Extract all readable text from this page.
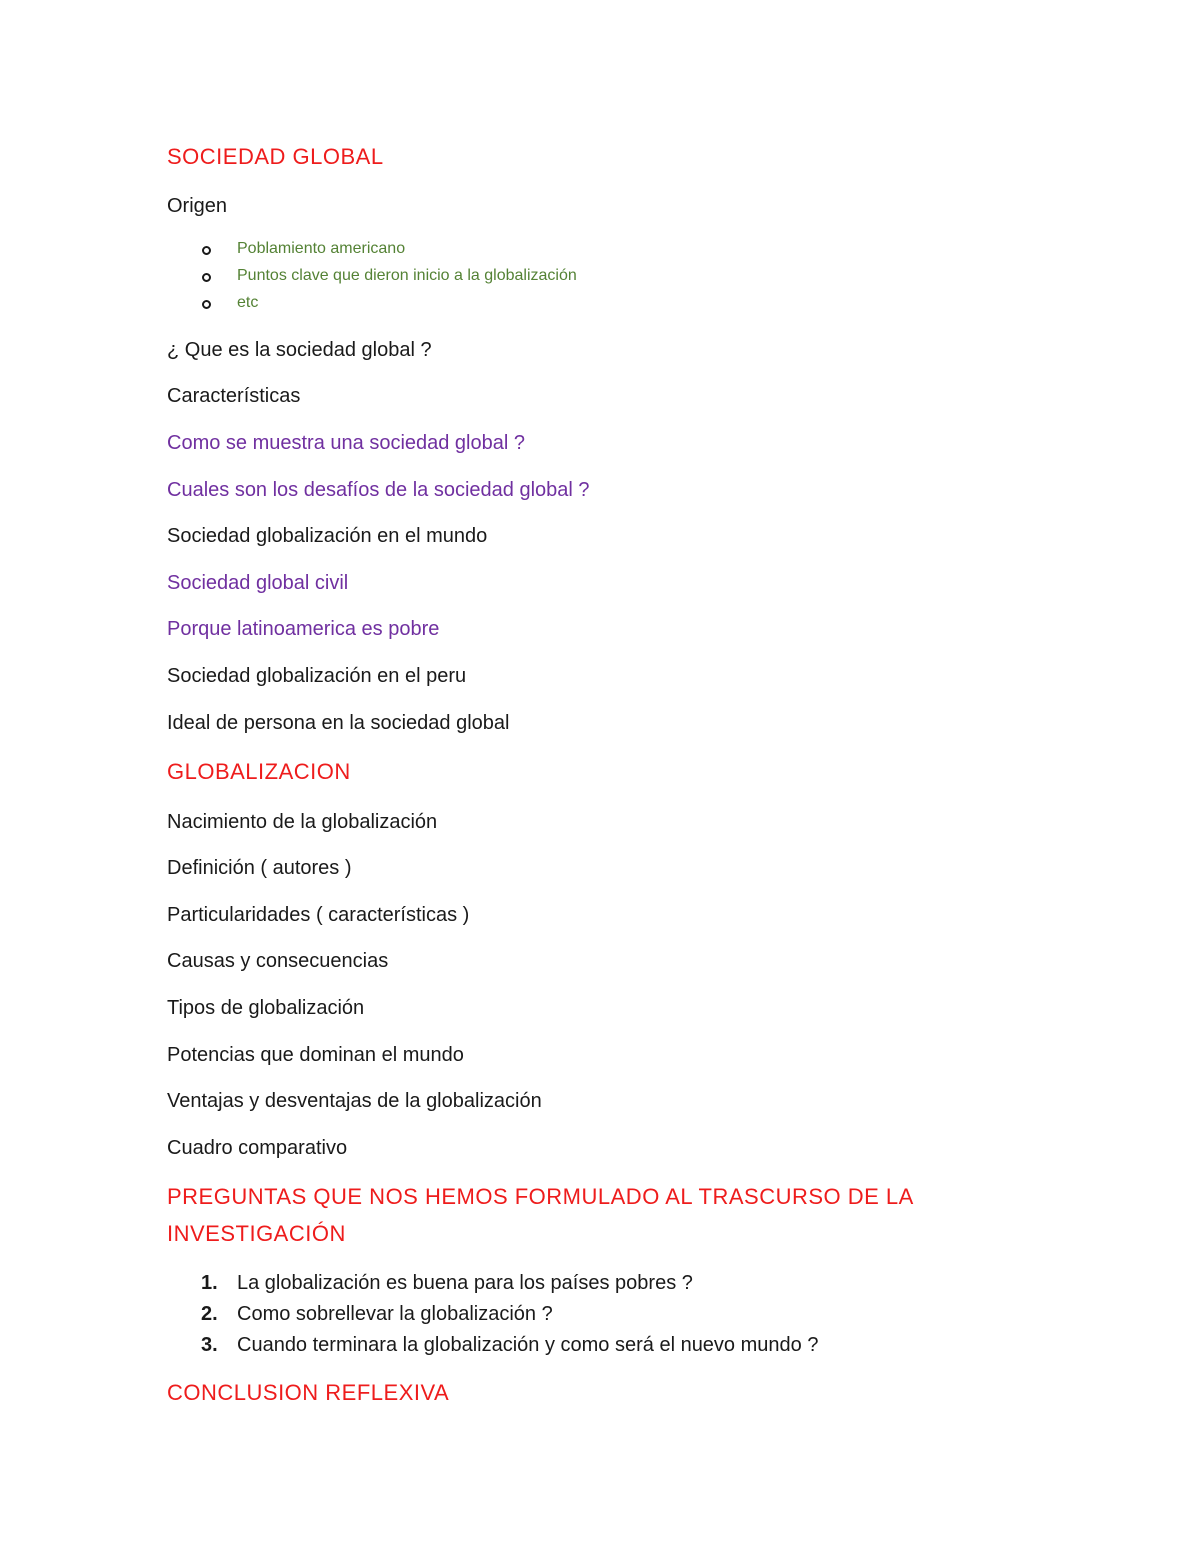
SOCIEDAD GLOBAL
Origen
Poblamiento americano
Puntos clave que dieron inicio a la globalización
etc
¿ Que es la sociedad global ?
Características
Como se muestra una sociedad global ?
Cuales son los desafíos de la sociedad global ?
Sociedad globalización en el mundo
Sociedad global civil
Porque latinoamerica es pobre
Sociedad globalización en el peru
Ideal de persona en la sociedad global
GLOBALIZACION
Nacimiento de la globalización
Definición ( autores )
Particularidades ( características )
Causas y consecuencias
Tipos de globalización
Potencias que dominan el mundo
Ventajas y desventajas de la globalización
Cuadro comparativo
PREGUNTAS QUE NOS HEMOS FORMULADO AL TRASCURSO DE LA
INVESTIGACIÓN
1. La globalización es buena para los países pobres ?
2. Como sobrellevar la globalización ?
3. Cuando terminara la globalización y como será el nuevo mundo ?
CONCLUSION REFLEXIVA
